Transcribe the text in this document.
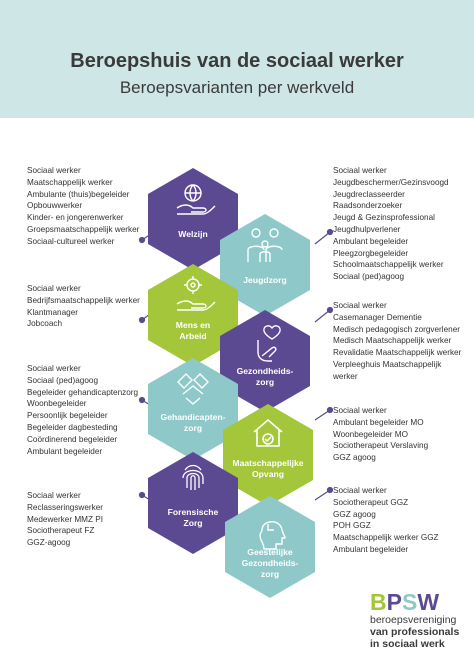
Beroepshuis van de sociaal werker
Beroepsvarianten per werkveld
Welzijn
Jeugdzorg
Mens en
Arbeid
Gezondheids-
zorg
Gehandicapten-
zorg
Maatschappelijke
Opvang
Forensische
Zorg
Geestelijke
Gezondheids-
zorg
Sociaal werker
Maatschappelijk werker
Ambulante (thuis)begeleider
Opbouwwerker
Kinder- en jongerenwerker
Groepsmaatschappelijk werker
Sociaal-cultureel werker
Sociaal werker
Bedrijfsmaatschappelijk werker
Klantmanager
Jobcoach
Sociaal werker
Sociaal (ped)agoog
Begeleider gehandicaptenzorg
Woonbegeleider
Persoonlijk begeleider
Begeleider dagbesteding
Coördinerend begeleider
Ambulant begeleider
Sociaal werker
Reclasseringswerker
Medewerker MMZ PI
Sociotherapeut FZ
GGZ-agoog
Sociaal werker
Jeugdbeschermer/Gezinsvoogd
Jeugdreclasseerder
Raadsonderzoeker
Jeugd & Gezinsprofessional
Jeugdhulpverlener
Ambulant begeleider
Pleegzorgbegeleider
Schoolmaatschappelijk werker
Sociaal (ped)agoog
Sociaal werker
Casemanager Dementie
Medisch pedagogisch zorgverlener
Medisch Maatschappelijk werker
Revalidatie Maatschappelijk werker
Verpleeghuis Maatschappelijk
werker
Sociaal werker
Ambulant begeleider MO
Woonbegeleider MO
Sociotherapeut Verslaving
GGZ agoog
Sociaal werker
Sociotherapeut GGZ
GGZ agoog
POH GGZ
Maatschappelijk werker GGZ
Ambulant begeleider
BPSW
beroepsvereniging
van professionals
in sociaal werk
